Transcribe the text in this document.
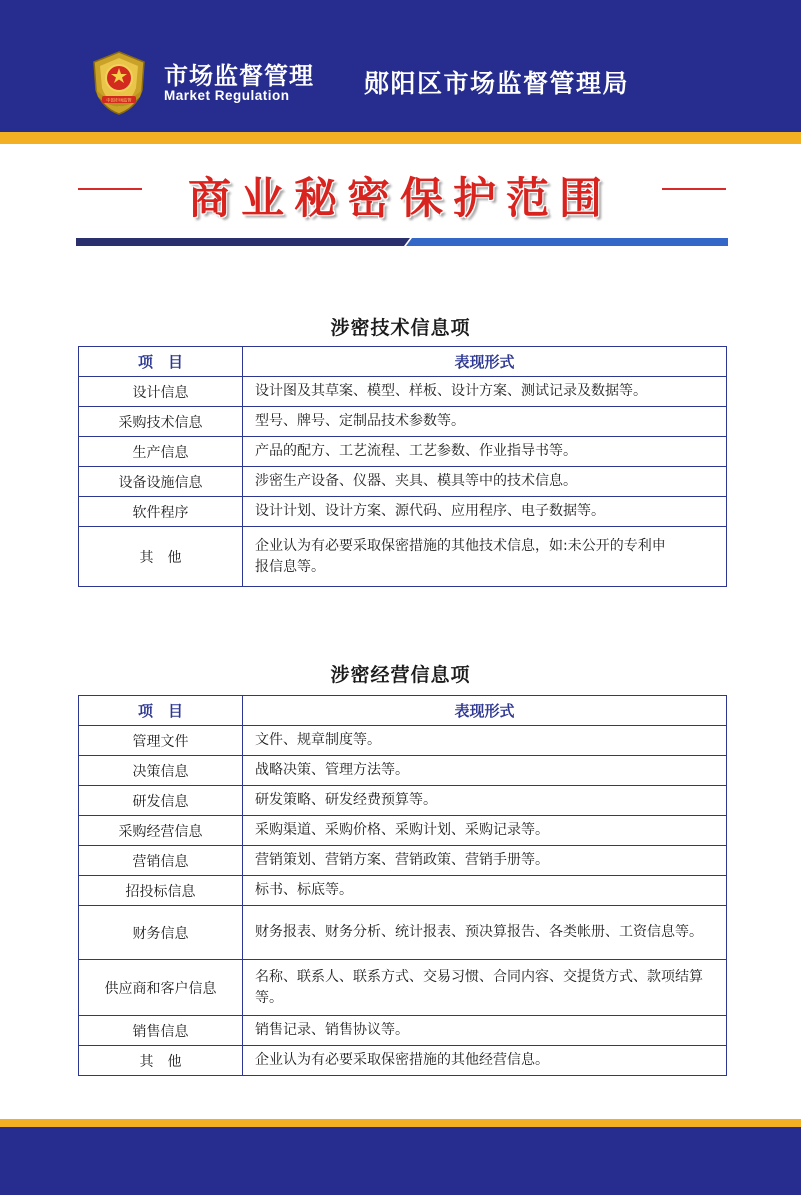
中国市场监管
市场监督管理
Market Regulation	郧阳区市场监督管理局
商业秘密保护范围
涉密技术信息项
项　目	表现形式
设计信息	设计图及其草案、模型、样板、设计方案、测试记录及数据等。
采购技术信息	型号、牌号、定制品技术参数等。
生产信息	产品的配方、工艺流程、工艺参数、作业指导书等。
设备设施信息	涉密生产设备、仪器、夹具、模具等中的技术信息。
软件程序	设计计划、设计方案、源代码、应用程序、电子数据等。
其　他	企业认为有必要采取保密措施的其他技术信息，如:未公开的专利申报信息等。
涉密经营信息项
项　目	表现形式
管理文件	文件、规章制度等。
决策信息	战略决策、管理方法等。
研发信息	研发策略、研发经费预算等。
采购经营信息	采购渠道、采购价格、采购计划、采购记录等。
营销信息	营销策划、营销方案、营销政策、营销手册等。
招投标信息	标书、标底等。
财务信息	财务报表、财务分析、统计报表、预决算报告、各类帐册、工资信息等。
供应商和客户信息	名称、联系人、联系方式、交易习惯、合同内容、交提货方式、款项结算等。
销售信息	销售记录、销售协议等。
其　他	企业认为有必要采取保密措施的其他经营信息。
